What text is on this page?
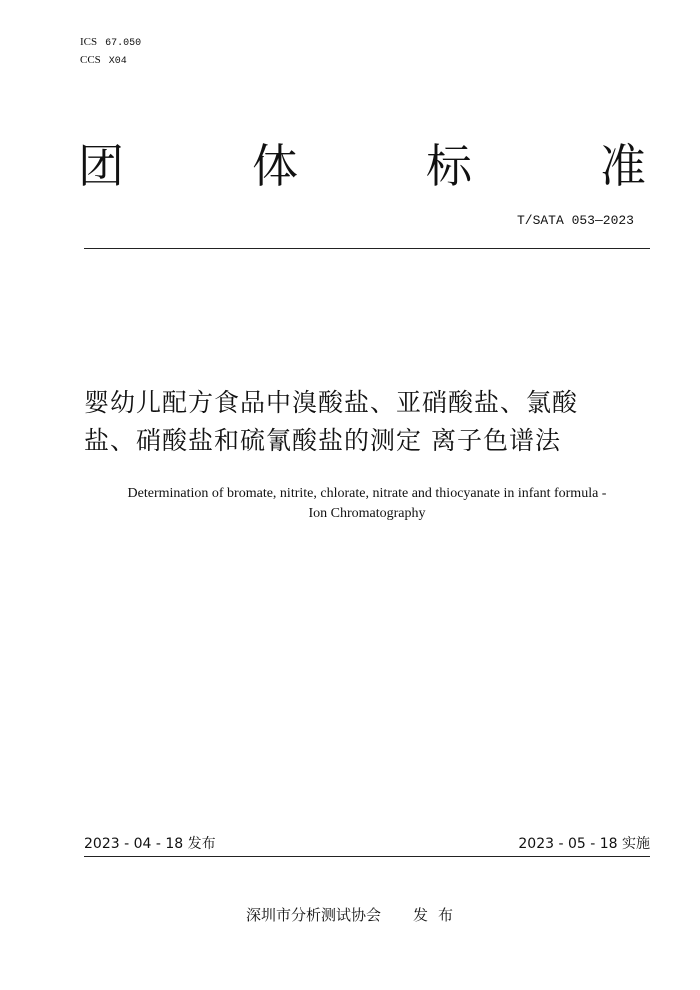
ICS 67.050
CCS X04
团	体	标	准
T/SATA 053—2023
婴幼儿配方食品中溴酸盐、亚硝酸盐、氯酸
盐、硝酸盐和硫氰酸盐的测定 离子色谱法
Determination of bromate, nitrite, chlorate, nitrate and thiocyanate in infant formula -
Ion Chromatography
2023 - 04 - 18 发布	2023 - 05 - 18 实施
深圳市分析测试协会 发布
